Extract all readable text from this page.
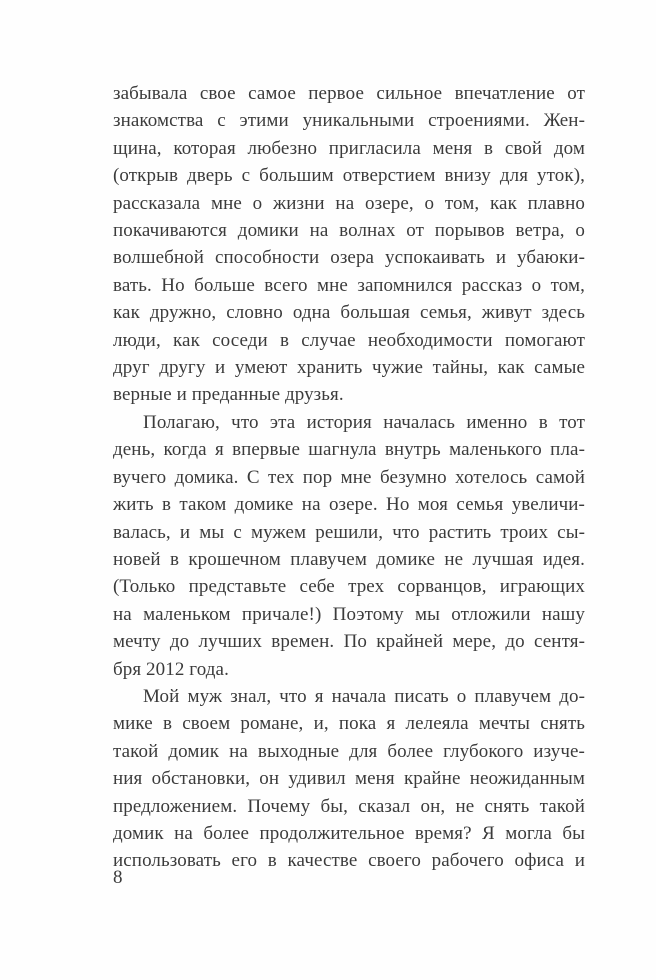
забывала свое самое первое сильное впечатление от
знакомства с этими уникальными строениями. Жен-
щина, которая любезно пригласила меня в свой дом
(открыв дверь с большим отверстием внизу для уток),
рассказала мне о жизни на озере, о том, как плавно
покачиваются домики на волнах от порывов ветра, о
волшебной способности озера успокаивать и убаюки-
вать. Но больше всего мне запомнился рассказ о том,
как дружно, словно одна большая семья, живут здесь
люди, как соседи в случае необходимости помогают
друг другу и умеют хранить чужие тайны, как самые
верные и преданные друзья.
Полагаю, что эта история началась именно в тот
день, когда я впервые шагнула внутрь маленького пла-
вучего домика. С тех пор мне безумно хотелось самой
жить в таком домике на озере. Но моя семья увеличи-
валась, и мы с мужем решили, что растить троих сы-
новей в крошечном плавучем домике не лучшая идея.
(Только представьте себе трех сорванцов, играющих
на маленьком причале!) Поэтому мы отложили нашу
мечту до лучших времен. По крайней мере, до сентя-
бря 2012 года.
Мой муж знал, что я начала писать о плавучем до-
мике в своем романе, и, пока я лелеяла мечты снять
такой домик на выходные для более глубокого изуче-
ния обстановки, он удивил меня крайне неожиданным
предложением. Почему бы, сказал он, не снять такой
домик на более продолжительное время? Я могла бы
использовать его в качестве своего рабочего офиса и
8
